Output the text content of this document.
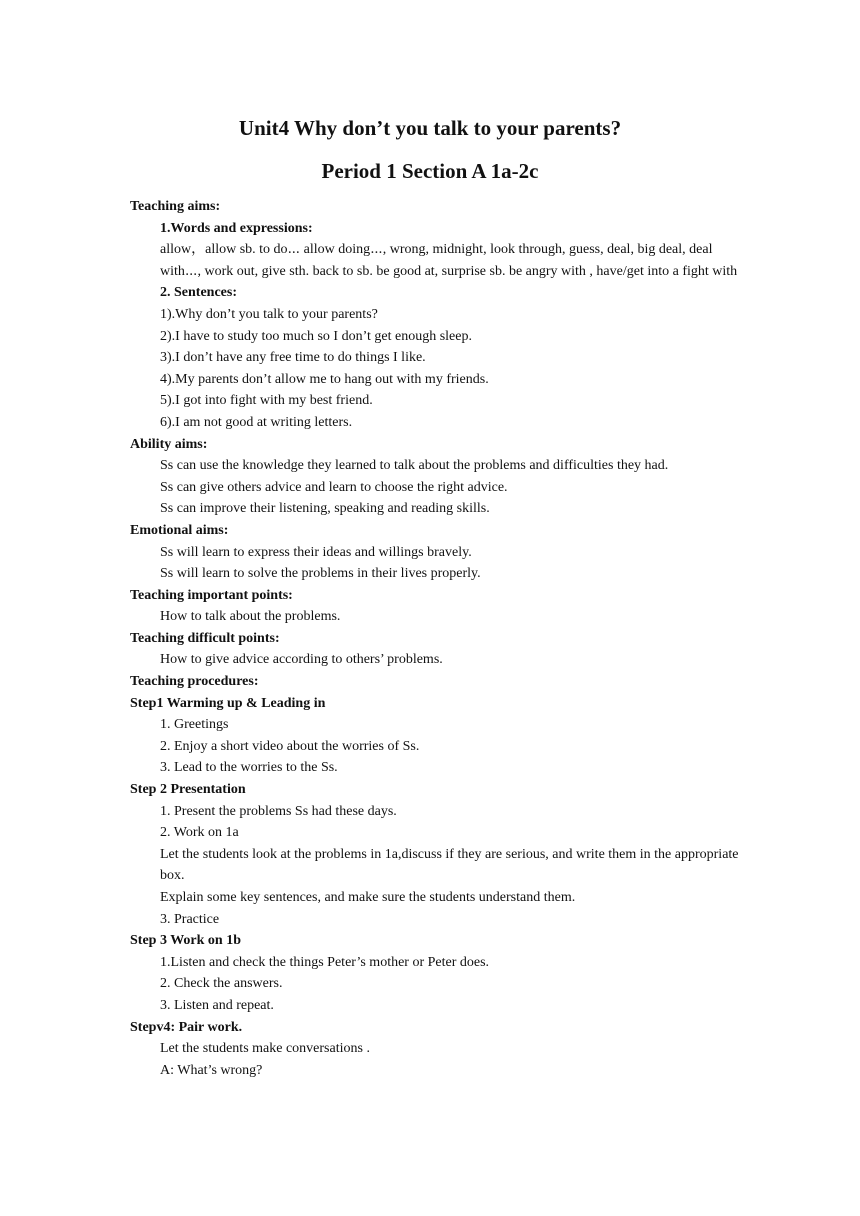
Unit4 Why don’t you talk to your parents?
Period 1 Section A 1a-2c
Teaching aims:
1.Words and expressions:
allow，allow sb. to do⋯ allow doing⋯, wrong, midnight, look through, guess, deal, big deal, deal with⋯, work out, give sth. back to sb. be good at, surprise sb. be angry with , have/get into a fight with
2. Sentences:
1).Why don’t you talk to your parents?
2).I have to study too much so I don’t get enough sleep.
3).I don’t have any free time to do things I like.
4).My parents don’t allow me to hang out with my friends.
5).I got into fight with my best friend.
6).I am not good at writing letters.
Ability aims:
Ss can use the knowledge they learned to talk about the problems and difficulties they had.
Ss can give others advice and learn to choose the right advice.
Ss can improve their listening, speaking and reading skills.
Emotional aims:
Ss will learn to express their ideas and willings bravely.
Ss will learn to solve the problems in their lives properly.
Teaching important points:
How to talk about the problems.
Teaching difficult points:
How to give advice according to others’ problems.
Teaching procedures:
Step1 Warming up & Leading in
1. Greetings
2. Enjoy a short video about the worries of Ss.
3. Lead to the worries to the Ss.
Step 2 Presentation
1. Present the problems Ss had these days.
2. Work on 1a
Let the students look at the problems in 1a,discuss if they are serious, and write them in the appropriate box.
Explain some key sentences, and make sure the students understand them.
3. Practice
Step 3 Work on 1b
1.Listen and check the things Peter’s mother or Peter does.
2. Check the answers.
3. Listen and repeat.
Stepv4: Pair work.
Let the students make conversations .
A: What’s wrong?
